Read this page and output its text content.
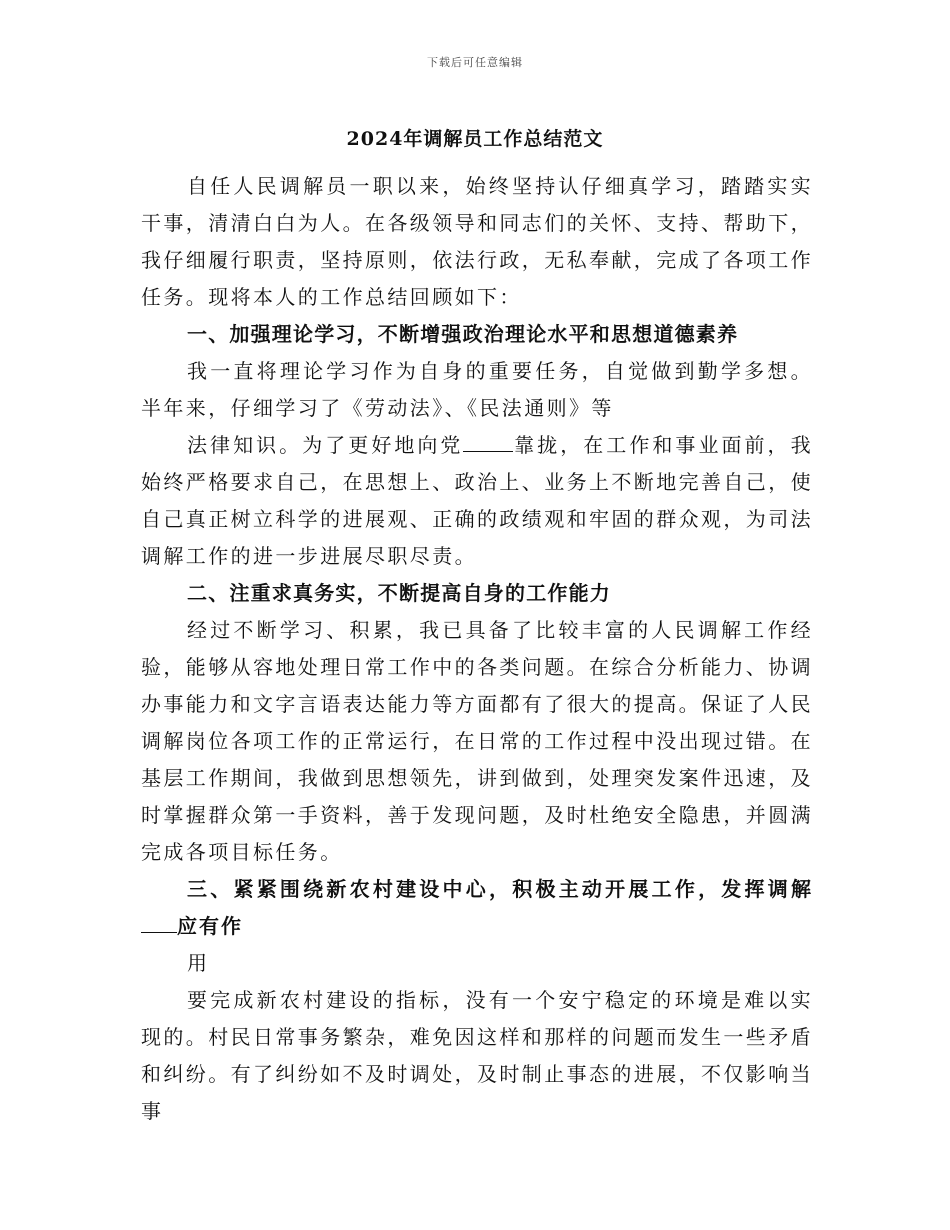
下载后可任意编辑
2024年调解员工作总结范文

自任人民调解员一职以来，始终坚持认仔细真学习，踏踏实实干事，清清白白为人。在各级领导和同志们的关怀、支持、帮助下，我仔细履行职责，坚持原则，依法行政，无私奉献，完成了各项工作任务。现将本人的工作总结回顾如下：

一、加强理论学习，不断增强政治理论水平和思想道德素养

我一直将理论学习作为自身的重要任务，自觉做到勤学多想。半年来，仔细学习了《劳动法》、《民法通则》等

法律知识。为了更好地向党	靠拢，在工作和事业面前，我始终严格要求自己，在思想上、政治上、业务上不断地完善自己，使自己真正树立科学的进展观、正确的政绩观和牢固的群众观，为司法调解工作的进一步进展尽职尽责。

二、注重求真务实，不断提高自身的工作能力

经过不断学习、积累，我已具备了比较丰富的人民调解工作经验，能够从容地处理日常工作中的各类问题。在综合分析能力、协调办事能力和文字言语表达能力等方面都有了很大的提高。保证了人民调解岗位各项工作的正常运行，在日常的工作过程中没出现过错。在基层工作期间，我做到思想领先，讲到做到，处理突发案件迅速，及时掌握群众第一手资料，善于发现问题，及时杜绝安全隐患，并圆满完成各项目标任务。

三、紧紧围绕新农村建设中心，积极主动开展工作，发挥调解应有作

用

要完成新农村建设的指标，没有一个安宁稳定的环境是难以实现的。村民日常事务繁杂，难免因这样和那样的问题而发生一些矛盾和纠纷。有了纠纷如不及时调处，及时制止事态的进展，不仅影响当事
